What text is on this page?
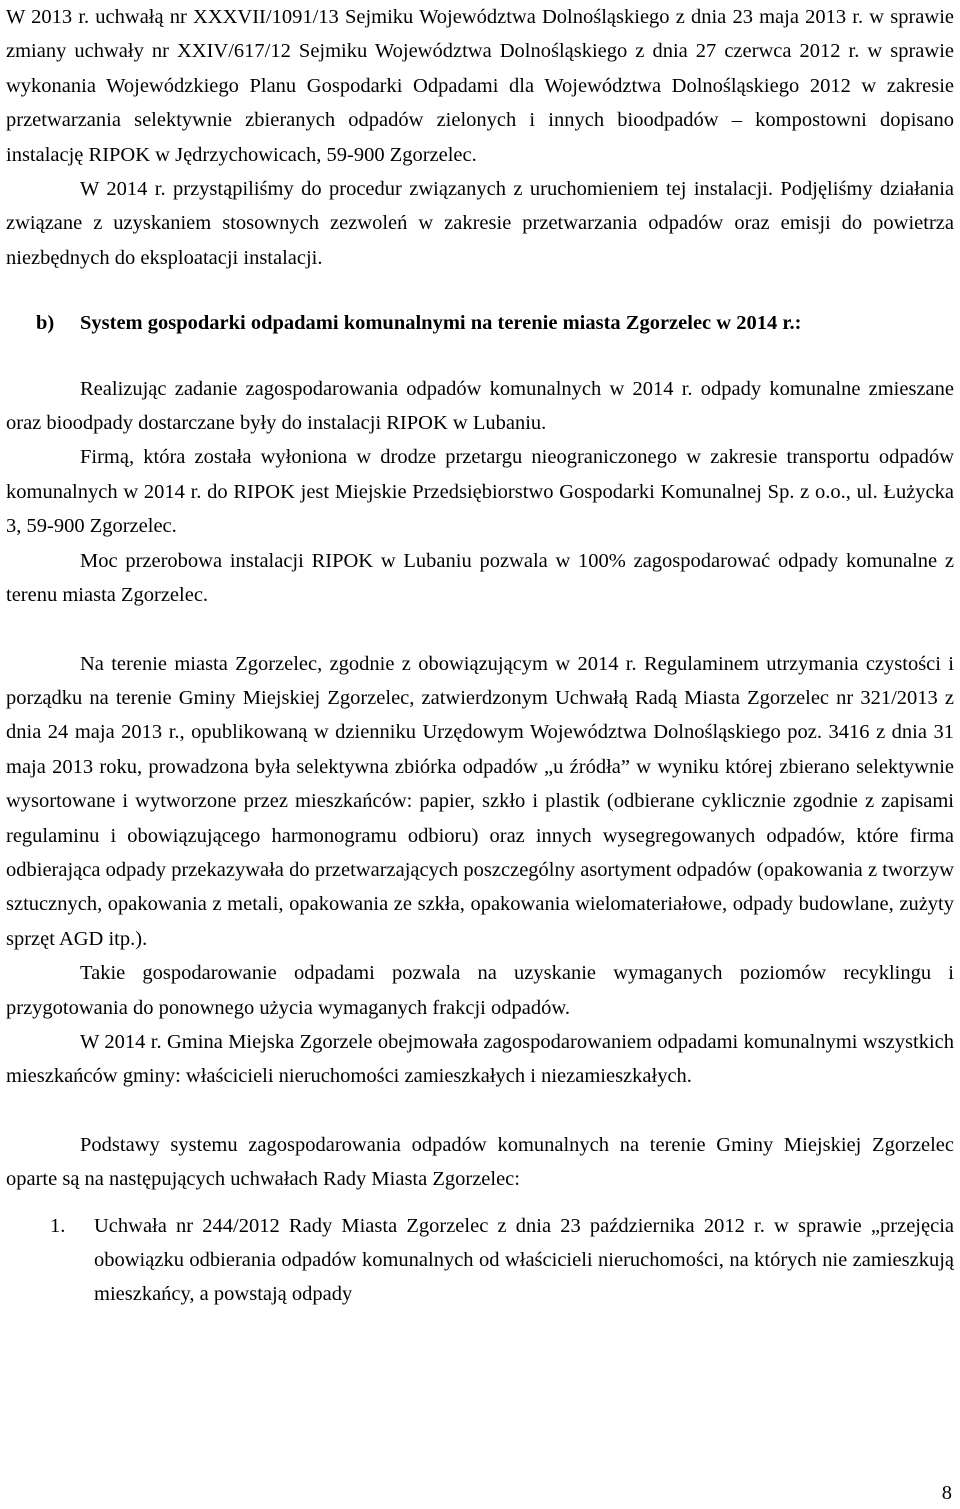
W 2013 r. uchwałą nr XXXVII/1091/13 Sejmiku Województwa Dolnośląskiego z dnia 23 maja 2013 r. w sprawie zmiany uchwały nr XXIV/617/12 Sejmiku Województwa Dolnośląskiego z dnia 27 czerwca 2012 r. w sprawie wykonania Wojewódzkiego Planu Gospodarki Odpadami dla Województwa Dolnośląskiego 2012 w zakresie przetwarzania selektywnie zbieranych odpadów zielonych i innych bioodpadów – kompostowni dopisano instalację RIPOK w Jędrzychowicach, 59-900 Zgorzelec.

W 2014 r. przystąpiliśmy do procedur związanych z uruchomieniem tej instalacji. Podjęliśmy działania związane z uzyskaniem stosownych zezwoleń w zakresie przetwarzania odpadów oraz emisji do powietrza niezbędnych do eksploatacji instalacji.

b)	System gospodarki odpadami komunalnymi na terenie miasta Zgorzelec w 2014 r.:

Realizując zadanie zagospodarowania odpadów komunalnych w 2014 r. odpady komunalne zmieszane oraz bioodpady dostarczane były do instalacji RIPOK w Lubaniu.

Firmą, która została wyłoniona w drodze przetargu nieograniczonego w zakresie transportu odpadów komunalnych w 2014 r. do RIPOK jest Miejskie Przedsiębiorstwo Gospodarki Komunalnej Sp. z o.o., ul. Łużycka 3, 59-900 Zgorzelec.

Moc przerobowa instalacji RIPOK w Lubaniu pozwala w 100% zagospodarować odpady komunalne z terenu miasta Zgorzelec.

Na terenie miasta Zgorzelec, zgodnie z obowiązującym w 2014 r. Regulaminem utrzymania czystości i porządku na terenie Gminy Miejskiej Zgorzelec, zatwierdzonym Uchwałą Radą Miasta Zgorzelec nr 321/2013 z dnia 24 maja 2013 r., opublikowaną w dzienniku Urzędowym Województwa Dolnośląskiego poz. 3416 z dnia 31 maja 2013 roku, prowadzona była selektywna zbiórka odpadów „u źródła” w wyniku której zbierano selektywnie wysortowane i wytworzone przez mieszkańców: papier, szkło i plastik (odbierane cyklicznie zgodnie z zapisami regulaminu i obowiązującego harmonogramu odbioru) oraz innych wysegregowanych odpadów, które firma odbierająca odpady przekazywała do przetwarzających poszczególny asortyment odpadów (opakowania z tworzyw sztucznych, opakowania z metali, opakowania ze szkła, opakowania wielomateriałowe, odpady budowlane, zużyty sprzęt AGD itp.).

Takie gospodarowanie odpadami pozwala na uzyskanie wymaganych poziomów recyklingu i przygotowania do ponownego użycia wymaganych frakcji odpadów.

W 2014 r. Gmina Miejska Zgorzele obejmowała zagospodarowaniem odpadami komunalnymi wszystkich mieszkańców gminy: właścicieli nieruchomości zamieszkałych i niezamieszkałych.

Podstawy systemu zagospodarowania odpadów komunalnych na terenie Gminy Miejskiej Zgorzelec oparte są na następujących uchwałach Rady Miasta Zgorzelec:

1.	Uchwała nr 244/2012 Rady Miasta Zgorzelec z dnia 23 października 2012 r. w sprawie „przejęcia obowiązku odbierania odpadów komunalnych od właścicieli nieruchomości, na których nie zamieszkują mieszkańcy, a powstają odpady
8
